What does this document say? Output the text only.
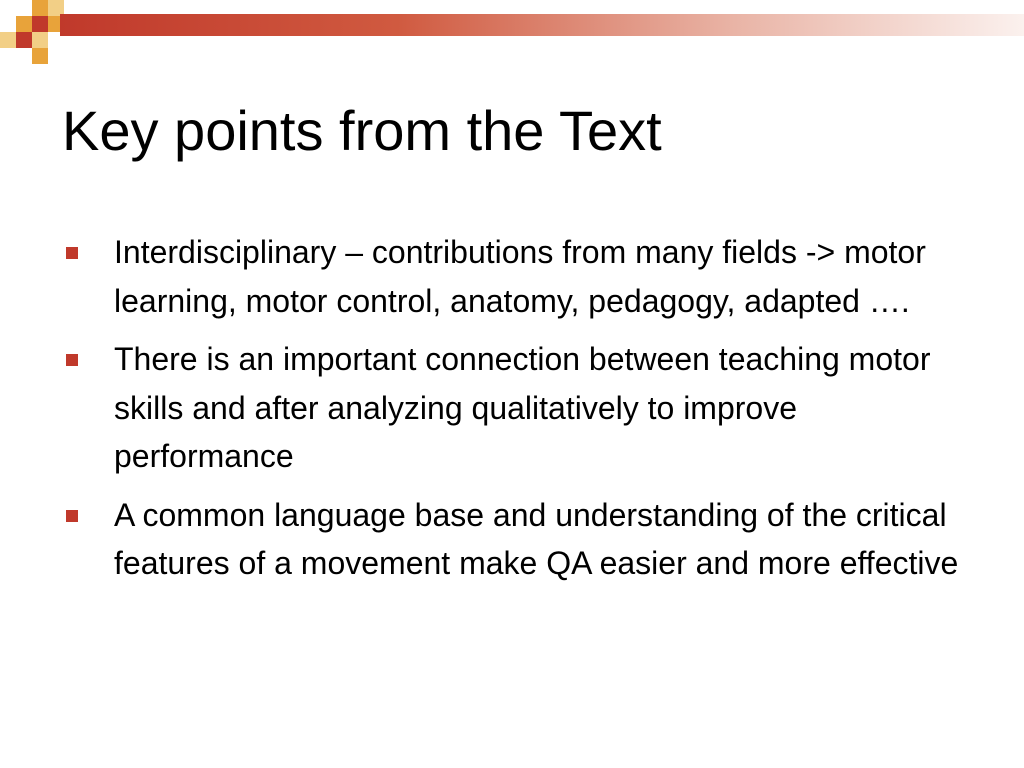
Key points from the Text
Interdisciplinary – contributions from many fields -> motor learning, motor control, anatomy, pedagogy, adapted ….
There is an important connection between teaching motor skills and after analyzing qualitatively to improve performance
A common language base and understanding of the critical features of a movement make QA easier and more effective
